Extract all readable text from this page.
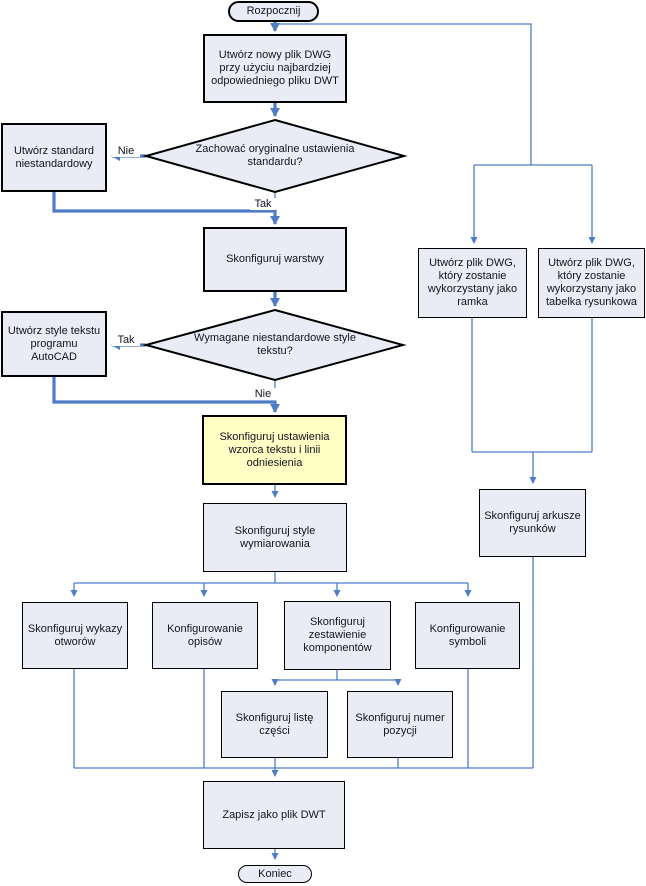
Rozpocznij
Utwórz nowy plik DWG przy użyciu najbardziej odpowiedniego pliku DWT
Zachować oryginalne ustawienia standardu?
Utwórz standard niestandardowy
Skonfiguruj warstwy
Wymagane niestandardowe style tekstu?
Utwórz style tekstu programu AutoCAD
Skonfiguruj ustawienia wzorca tekstu i linii odniesienia
Skonfiguruj style wymiarowania
Skonfiguruj wykazy otworów
Konfigurowanie opisów
Skonfiguruj zestawienie komponentów
Konfigurowanie symboli
Skonfiguruj listę części
Skonfiguruj numer pozycji
Zapisz jako plik DWT
Koniec
Utwórz plik DWG, który zostanie wykorzystany jako ramka
Utwórz plik DWG, który zostanie wykorzystany jako tabelka rysunkowa
Skonfiguruj arkusze rysunków
Nie
Tak
Tak
Nie
